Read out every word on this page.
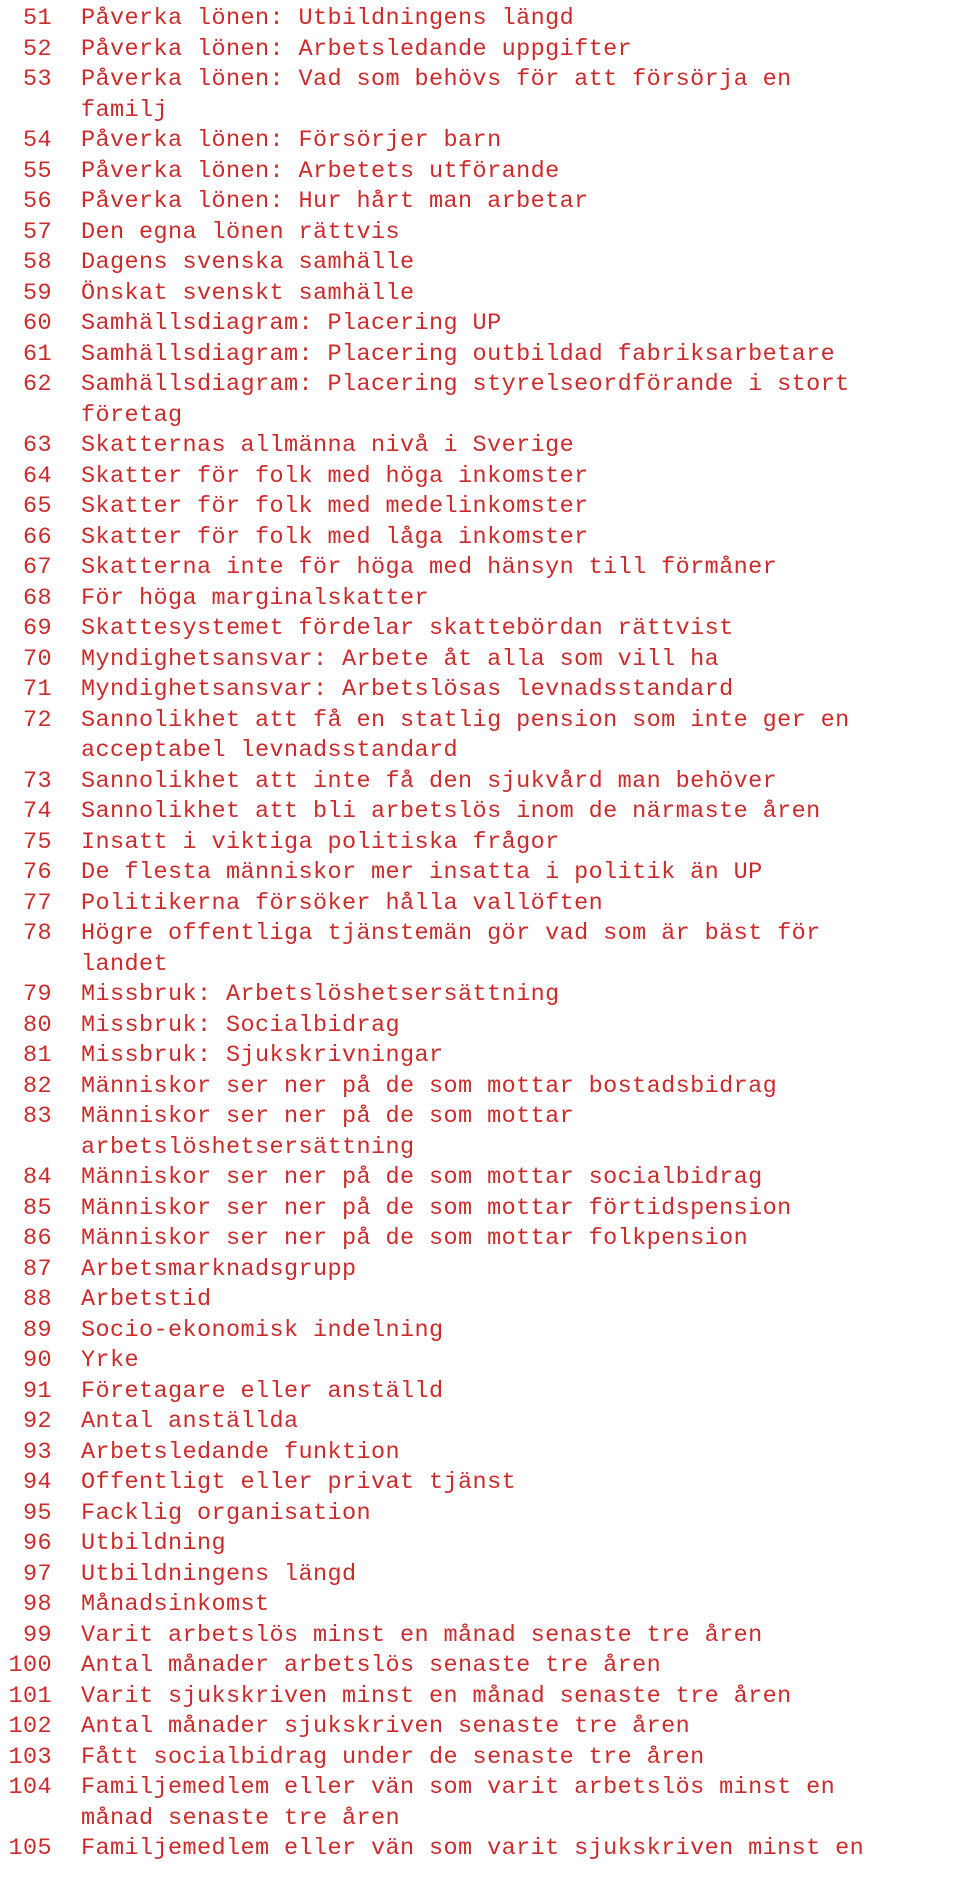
51 Påverka lönen: Utbildningens längd
52 Påverka lönen: Arbetsledande uppgifter
53 Påverka lönen: Vad som behövs för att försörja en
familj
54 Påverka lönen: Försörjer barn
55 Påverka lönen: Arbetets utförande
56 Påverka lönen: Hur hårt man arbetar
57 Den egna lönen rättvis
58 Dagens svenska samhälle
59 Önskat svenskt samhälle
60 Samhällsdiagram: Placering UP
61 Samhällsdiagram: Placering outbildad fabriksarbetare
62 Samhällsdiagram: Placering styrelseordförande i stort
företag
63 Skatternas allmänna nivå i Sverige
64 Skatter för folk med höga inkomster
65 Skatter för folk med medelinkomster
66 Skatter för folk med låga inkomster
67 Skatterna inte för höga med hänsyn till förmåner
68 För höga marginalskatter
69 Skattesystemet fördelar skattebördan rättvist
70 Myndighetsansvar: Arbete åt alla som vill ha
71 Myndighetsansvar: Arbetslösas levnadsstandard
72 Sannolikhet att få en statlig pension som inte ger en
acceptabel levnadsstandard
73 Sannolikhet att inte få den sjukvård man behöver
74 Sannolikhet att bli arbetslös inom de närmaste åren
75 Insatt i viktiga politiska frågor
76 De flesta människor mer insatta i politik än UP
77 Politikerna försöker hålla vallöften
78 Högre offentliga tjänstemän gör vad som är bäst för
landet
79 Missbruk: Arbetslöshetsersättning
80 Missbruk: Socialbidrag
81 Missbruk: Sjukskrivningar
82 Människor ser ner på de som mottar bostadsbidrag
83 Människor ser ner på de som mottar
arbetslöshetsersättning
84 Människor ser ner på de som mottar socialbidrag
85 Människor ser ner på de som mottar förtidspension
86 Människor ser ner på de som mottar folkpension
87 Arbetsmarknadsgrupp
88 Arbetstid
89 Socio-ekonomisk indelning
90 Yrke
91 Företagare eller anställd
92 Antal anställda
93 Arbetsledande funktion
94 Offentligt eller privat tjänst
95 Facklig organisation
96 Utbildning
97 Utbildningens längd
98 Månadsinkomst
99 Varit arbetslös minst en månad senaste tre åren
100 Antal månader arbetslös senaste tre åren
101 Varit sjukskriven minst en månad senaste tre åren
102 Antal månader sjukskriven senaste tre åren
103 Fått socialbidrag under de senaste tre åren
104 Familjemedlem eller vän som varit arbetslös minst en
månad senaste tre åren
105 Familjemedlem eller vän som varit sjukskriven minst en
